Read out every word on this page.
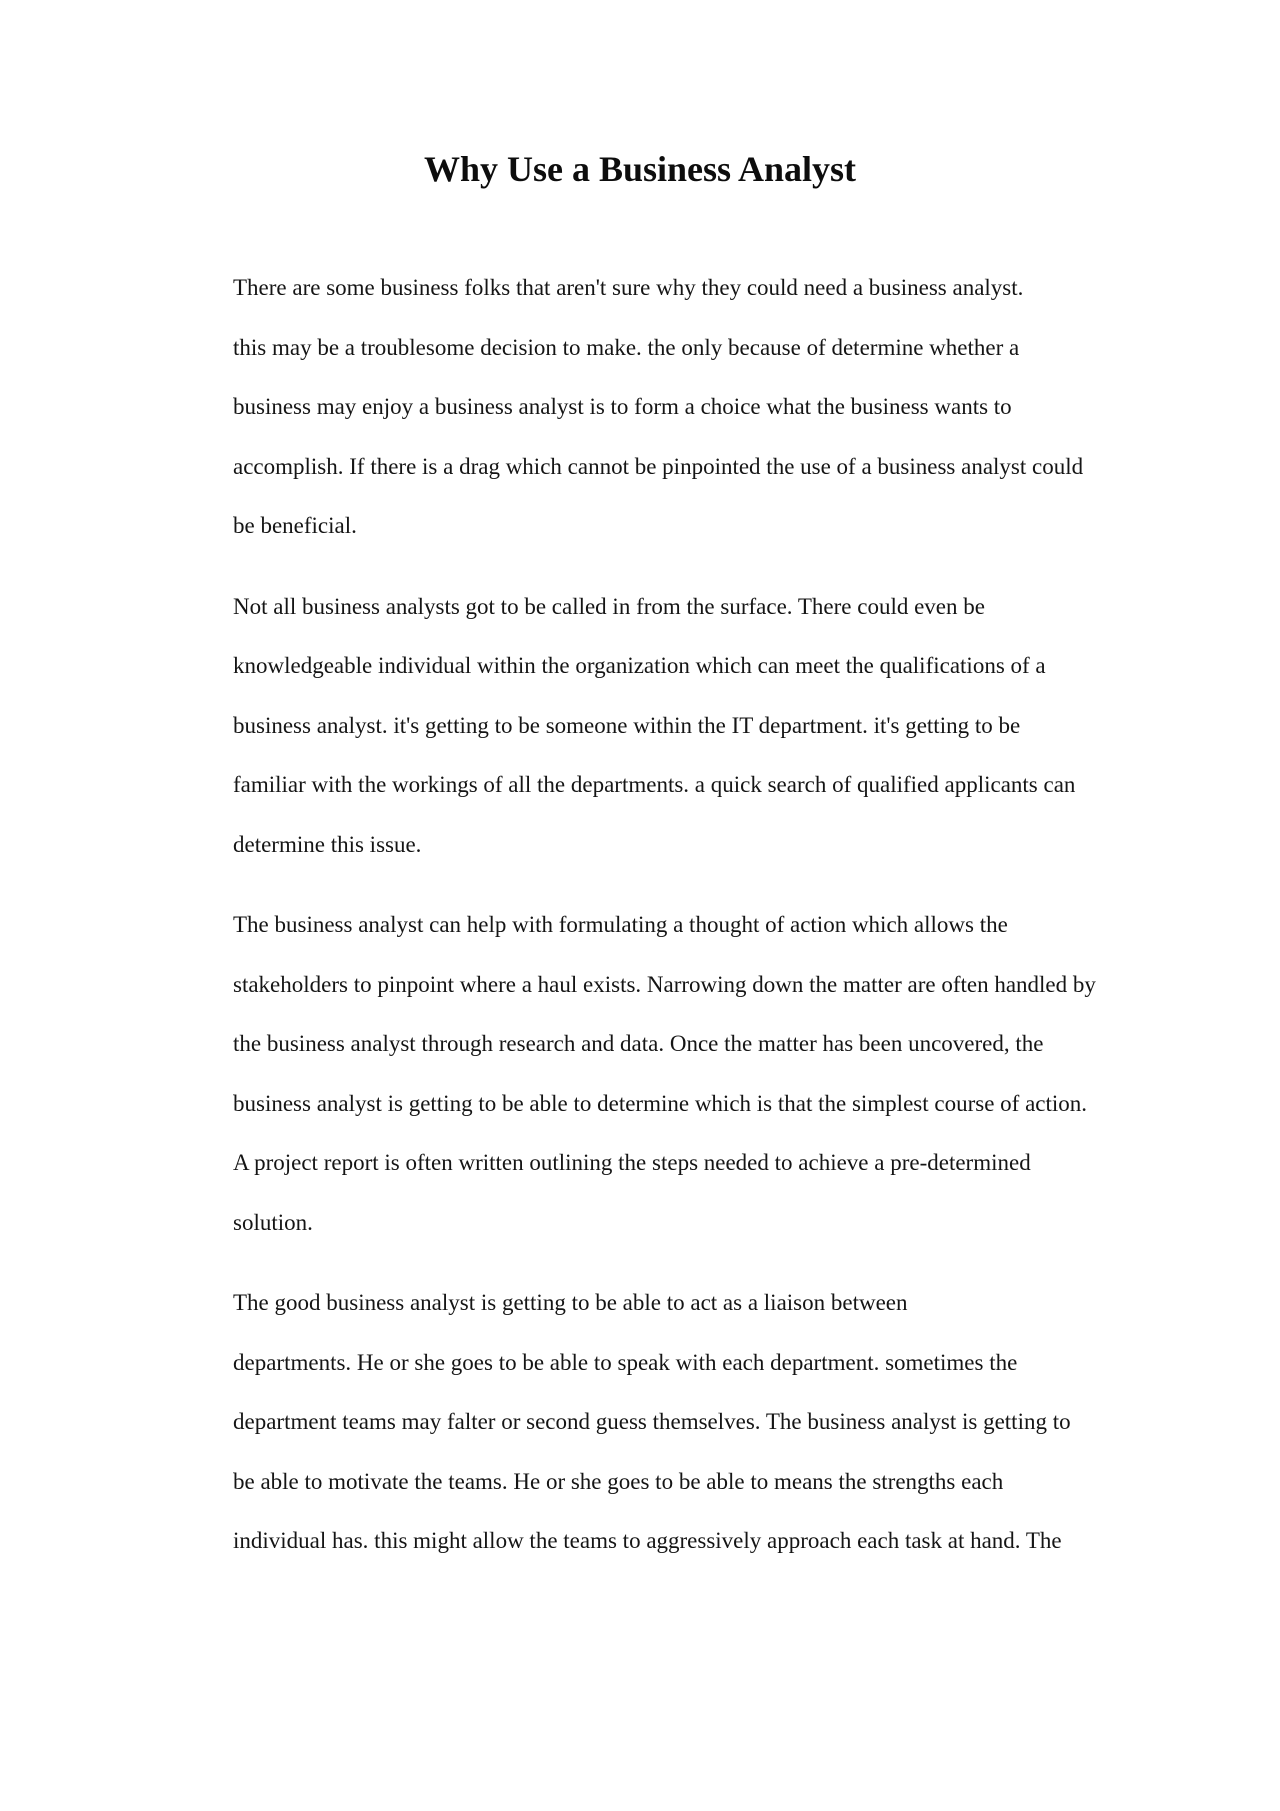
Why Use a Business Analyst

There are some business folks that aren't sure why they could need a business analyst.
this may be a troublesome decision to make. the only because of determine whether a
business may enjoy a business analyst is to form a choice what the business wants to
accomplish. If there is a drag which cannot be pinpointed the use of a business analyst could
be beneficial.

Not all business analysts got to be called in from the surface. There could even be
knowledgeable individual within the organization which can meet the qualifications of a
business analyst. it's getting to be someone within the IT department. it's getting to be
familiar with the workings of all the departments. a quick search of qualified applicants can
determine this issue.

The business analyst can help with formulating a thought of action which allows the
stakeholders to pinpoint where a haul exists. Narrowing down the matter are often handled by
the business analyst through research and data. Once the matter has been uncovered, the
business analyst is getting to be able to determine which is that the simplest course of action.
A project report is often written outlining the steps needed to achieve a pre-determined
solution.

The good business analyst is getting to be able to act as a liaison between
departments. He or she goes to be able to speak with each department. sometimes the
department teams may falter or second guess themselves. The business analyst is getting to
be able to motivate the teams. He or she goes to be able to means the strengths each
individual has. this might allow the teams to aggressively approach each task at hand. The
